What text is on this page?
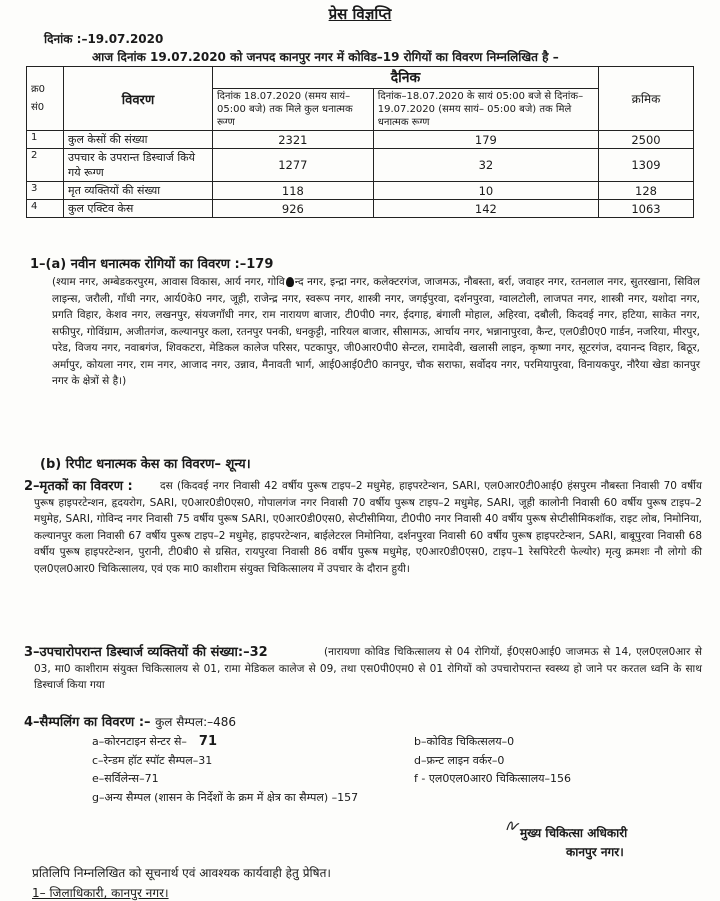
प्रेस विज्ञप्ति
दिनांक :–19.07.2020
आज दिनांक 19.07.2020 को जनपद कानपुर नगर में कोविड–19 रोगियों का विवरण निम्नलिखित है –
क्र0 सं0	विवरण	दैनिक		क्रमिक
		दिनांक 18.07.2020 (समय सायं– 05:00 बजे) तक मिले कुल धनात्मक रूग्ण	दिनांक–18.07.2020 के सायं 05:00 बजे से दिनांक–19.07.2020 (समय सायं– 05:00 बजे) तक मिले धनात्मक रूग्ण	
1	कुल केसों की संख्या	2321	179	2500
2	उपचार के उपरान्त डिस्चार्ज किये गये रूग्ण	1277	32	1309
3	मृत व्यक्तियों की संख्या	118	10	128
4	कुल एक्टिव केस	926	142	1063
1–(a) नवीन धनात्मक रोगियों का विवरण :–179
(श्याम नगर, अम्बेडकरपुरम, आवास विकास, आर्य नगर, गोवि न्द नगर, इन्द्रा नगर, कलेक्टरगंज, जाजमऊ, नौबस्ता, बर्रा, जवाहर नगर, रतनलाल नगर, सुतरखाना, सिविल लाइन्स, जरौली, गाँधी नगर, आर्य0के0 नगर, जूही, राजेन्द्र नगर, स्वरूप नगर, शास्त्री नगर, जगईपुरवा, दर्शनपुरवा, ग्वालटोली, लाजपत नगर, शास्त्री नगर, यशोदा नगर, प्रगति विहार, केशव नगर, लखनपुर, संयजगाँधी नगर, राम नारायण बाजार, टी0पी0 नगर, ईदगाह, बंगाली मोहाल, अहिरवा, दबौली, किदवई नगर, हटिया, साकेत नगर, सफीपुर, गोविंग्राम, अजीतगंज, कल्यानपुर कला, रतनपुर पनकी, धनकुट्टी, नारियल बाजार, सीसामऊ, आर्चाय नगर, भन्नानापुरवा, कैन्ट, एल0डी0ए0 गार्डन, नजरिया, मीरपुर, परेड, विजय नगर, नवाबगंज, शिवकटरा, मेडिकल कालेज परिसर, पटकापुर, जी0आर0पी0 सेन्टल, रामादेवी, खलासी लाइन, कृष्णा नगर, सूटरगंज, दयानन्द विहार, बिठूर, अर्मापुर, कोयला नगर, राम नगर, आजाद नगर, उन्नाव, मैनावती भार्ग, आई0आई0टी0 कानपुर, चौक सराफा, सर्वोदय नगर, परमियापुरवा, विनायकपुर, नौरैया खेडा कानपुर नगर के क्षेत्रों से है।)
(b) रिपीट धनात्मक केस का विवरण– शून्य।
दस (किदवई नगर निवासी 42 वर्षीय पुरूष टाइप–2 मधुमेह, हाइपरटेन्शन, SARI, एल0आर0टी0आई0 हंसपुरम नौबस्ता निवासी 70 वर्षीय पुरूष हाइपरटेन्शन, हृदयरोग, SARI, ए0आर0डी0एस0, गोपालगंज नगर निवासी 70 वर्षीय पुरूष टाइप–2 मधुमेह, SARI, जूही कालोनी निवासी 60 वर्षीय पुरूष टाइप–2 मधुमेह, SARI, गोविन्द नगर निवासी 75 वर्षीय पुरूष SARI, ए0आर0डी0एस0, सेप्टीसीमिया, टी0पी0 नगर निवासी 40 वर्षीय पुरूष सेप्टीसीमिकशॉक, राइट लोब, निमोनिया, कल्यानपुर कला निवासी 67 वर्षीय पुरूष टाइप–2 मधुमेह, हाइपरटेन्शन, बाईलेटरल निमोनिया, दर्शनपुरवा निवासी 60 वर्षीय पुरूष हाइपरटेन्शन, SARI, बाबूपुरवा निवासी 68 वर्षीय पुरूष हाइपरटेन्शन, पुरानी, टी0बी0 से ग्रसित, रायपुरवा निवासी 86 वर्षीय पुरूष मधुमेह, ए0आर0डी0एस0, टाइप–1 रेसपिरेटरी फेल्योर) मृत्यु क्रमशः नौ लोगो की एल0एल0आर0 चिकित्सालय, एवं एक मा0 काशीराम संयुक्त चिकित्सालय में उपचार के दौरान हुयी।
2–मृतकों का विवरण :
(नारायणा कोविड चिकित्सालय से 04 रोगियों, ई0एस0आई0 जाजमऊ से 14, एल0एल0आर से 03, मा0 काशीराम संयुक्त चिकित्सालय से 01, रामा मेडिकल कालेज से 09, तथा एस0पी0एम0 से 01 रोगियों को उपचारोपरान्त स्वस्थ्य हो जाने पर करतल ध्वनि के साथ डिस्चार्ज किया गया
3–उपचारोपरान्त डिस्चार्ज व्यक्तियों की संख्या:–32
4–सैम्पलिंग का विवरण :– कुल सैम्पल:–486
a–कोरनटाइन सेन्टर से– 71	b–कोविड चिकित्सलय–0
c–रेन्डम हॉट स्पॉट सैम्पल–31	d–फ्रन्ट लाइन वर्कर–0
e–सर्विलेन्स–71	f - एल0एल0आर0 चिकित्सालय–156
g–अन्य सैम्पल (शासन के निर्देशों के क्रम में क्षेत्र का सैम्पल) –157
मुख्य चिकित्सा अधिकारी
कानपुर नगर।
प्रतिलिपि निम्नलिखित को सूचनार्थ एवं आवश्यक कार्यवाही हेतु प्रेषित।
1– जिलाधिकारी, कानपुर नगर।
